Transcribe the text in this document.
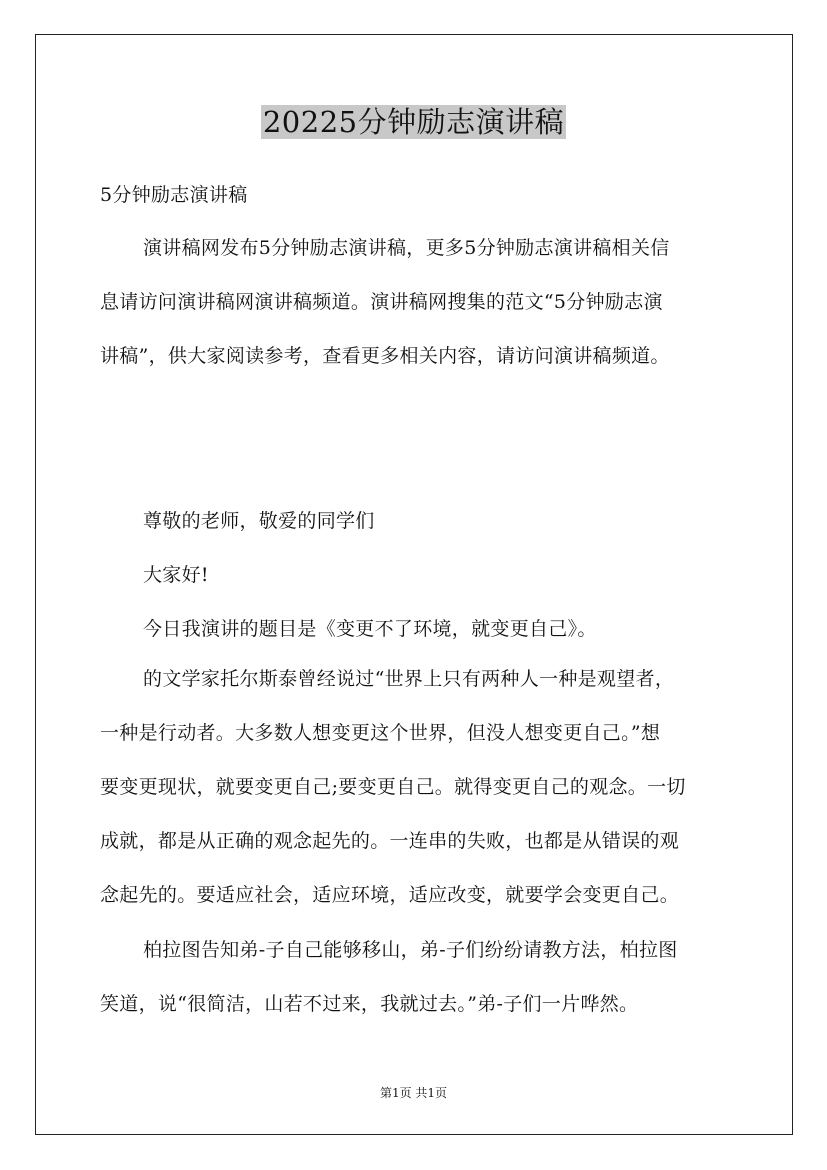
20225分钟励志演讲稿

5分钟励志演讲稿

演讲稿网发布5分钟励志演讲稿，更多5分钟励志演讲稿相关信
息请访问演讲稿网演讲稿频道。演讲稿网搜集的范文“5分钟励志演
讲稿”，供大家阅读参考，查看更多相关内容，请访问演讲稿频道。

尊敬的老师，敬爱的同学们

大家好!

今日我演讲的题目是《变更不了环境，就变更自己》。

的文学家托尔斯泰曾经说过“世界上只有两种人一种是观望者，
一种是行动者。大多数人想变更这个世界，但没人想变更自己。”想
要变更现状，就要变更自己;要变更自己。就得变更自己的观念。一切
成就，都是从正确的观念起先的。一连串的失败，也都是从错误的观
念起先的。要适应社会，适应环境，适应改变，就要学会变更自己。
柏拉图告知弟-子自己能够移山，弟-子们纷纷请教方法，柏拉图
笑道，说“很简洁，山若不过来，我就过去。”弟-子们一片哗然。
第1页 共1页
